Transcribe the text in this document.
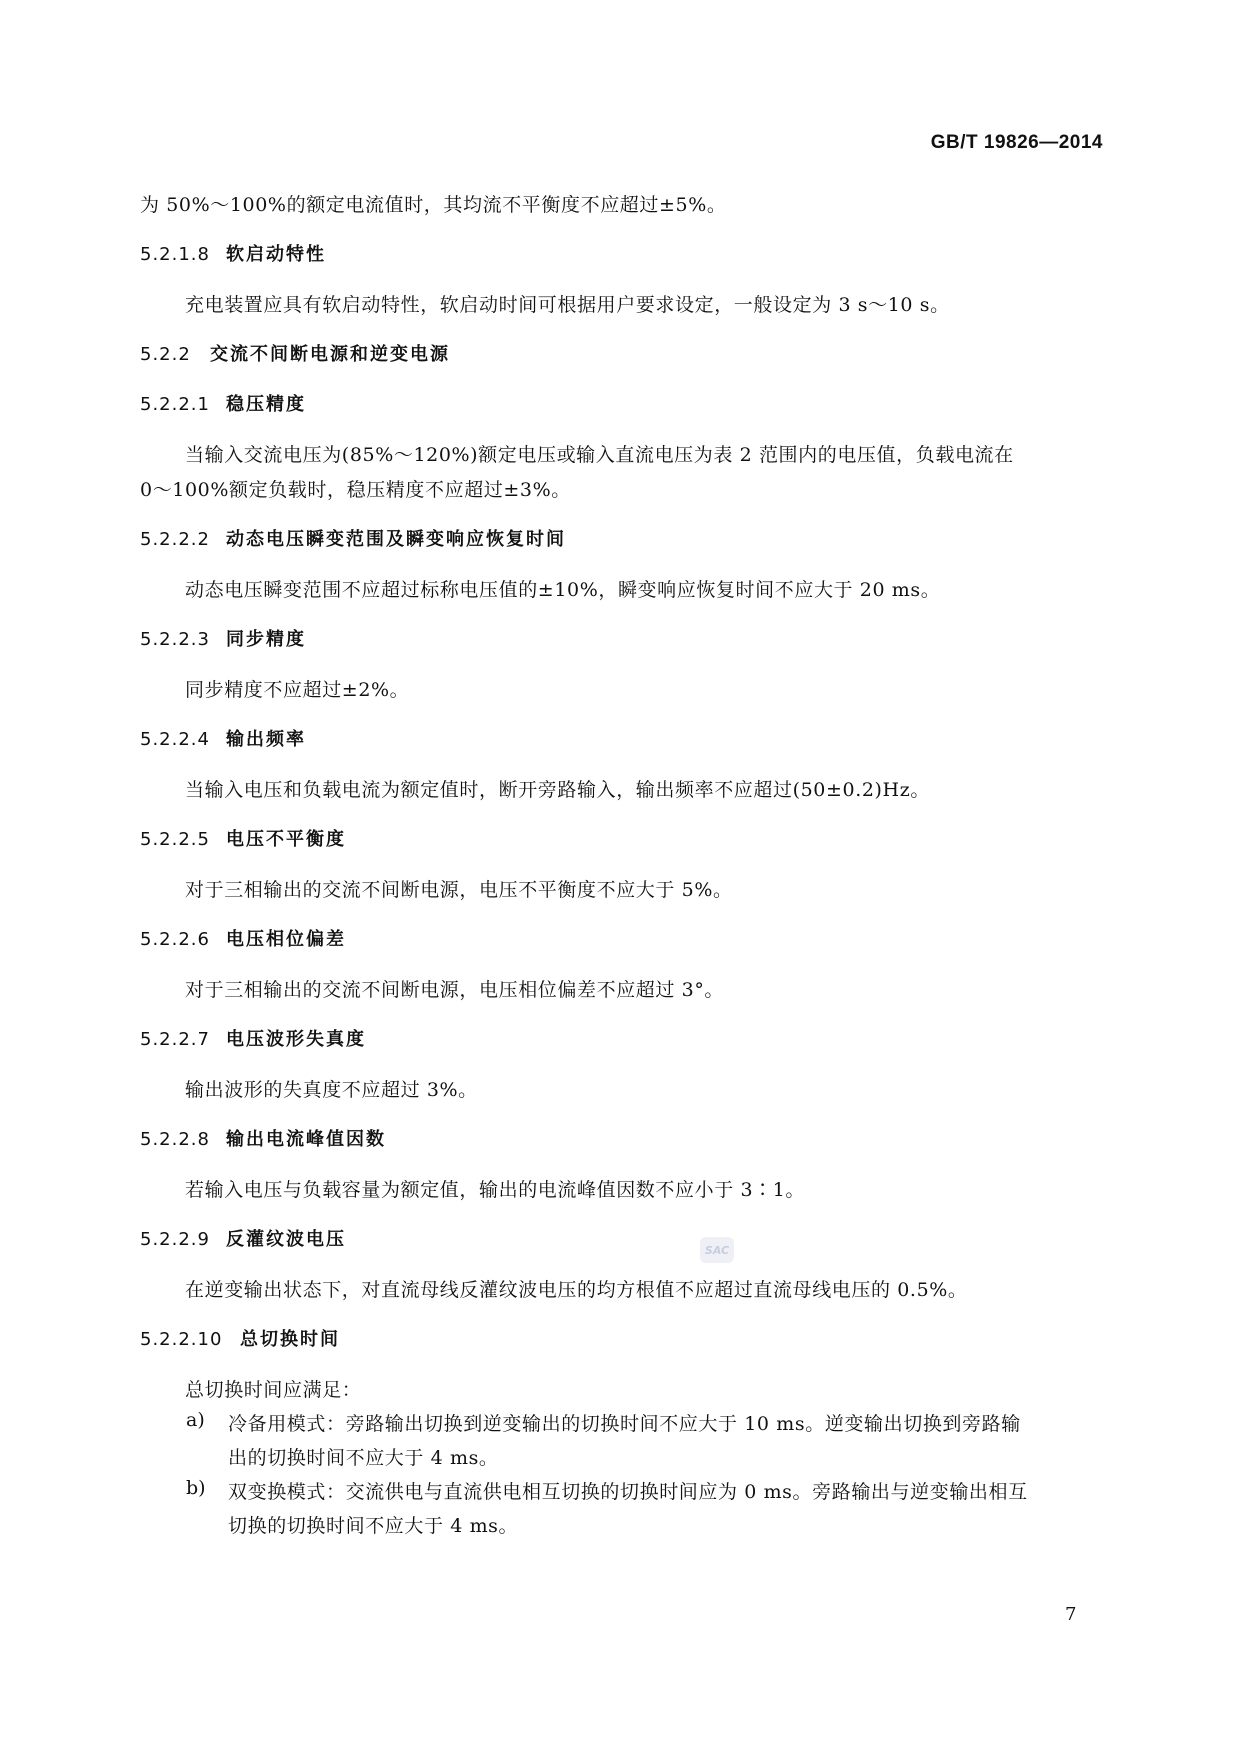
GB/T 19826—2014

为 50%～100%的额定电流值时，其均流不平衡度不应超过±5%。

5.2.1.8 软启动特性

充电装置应具有软启动特性，软启动时间可根据用户要求设定，一般设定为 3 s～10 s。

5.2.2 交流不间断电源和逆变电源
5.2.2.1 稳压精度

当输入交流电压为(85%～120%)额定电压或输入直流电压为表 2 范围内的电压值，负载电流在

0～100%额定负载时，稳压精度不应超过±3%。

5.2.2.2 动态电压瞬变范围及瞬变响应恢复时间

动态电压瞬变范围不应超过标称电压值的±10%，瞬变响应恢复时间不应大于 20 ms。

5.2.2.3 同步精度

同步精度不应超过±2%。

5.2.2.4 输出频率

当输入电压和负载电流为额定值时，断开旁路输入，输出频率不应超过(50±0.2)Hz。

5.2.2.5 电压不平衡度

对于三相输出的交流不间断电源，电压不平衡度不应大于 5%。

5.2.2.6 电压相位偏差

对于三相输出的交流不间断电源，电压相位偏差不应超过 3°。

5.2.2.7 电压波形失真度

输出波形的失真度不应超过 3%。

5.2.2.8 输出电流峰值因数

若输入电压与负载容量为额定值，输出的电流峰值因数不应小于 3∶1。

5.2.2.9 反灌纹波电压	SAC

在逆变输出状态下，对直流母线反灌纹波电压的均方根值不应超过直流母线电压的 0.5%。

5.2.2.10 总切换时间

总切换时间应满足：

a) 冷备用模式：旁路输出切换到逆变输出的切换时间不应大于 10 ms。逆变输出切换到旁路输

出的切换时间不应大于 4 ms。

b) 双变换模式：交流供电与直流供电相互切换的切换时间应为 0 ms。旁路输出与逆变输出相互

切换的切换时间不应大于 4 ms。

7
